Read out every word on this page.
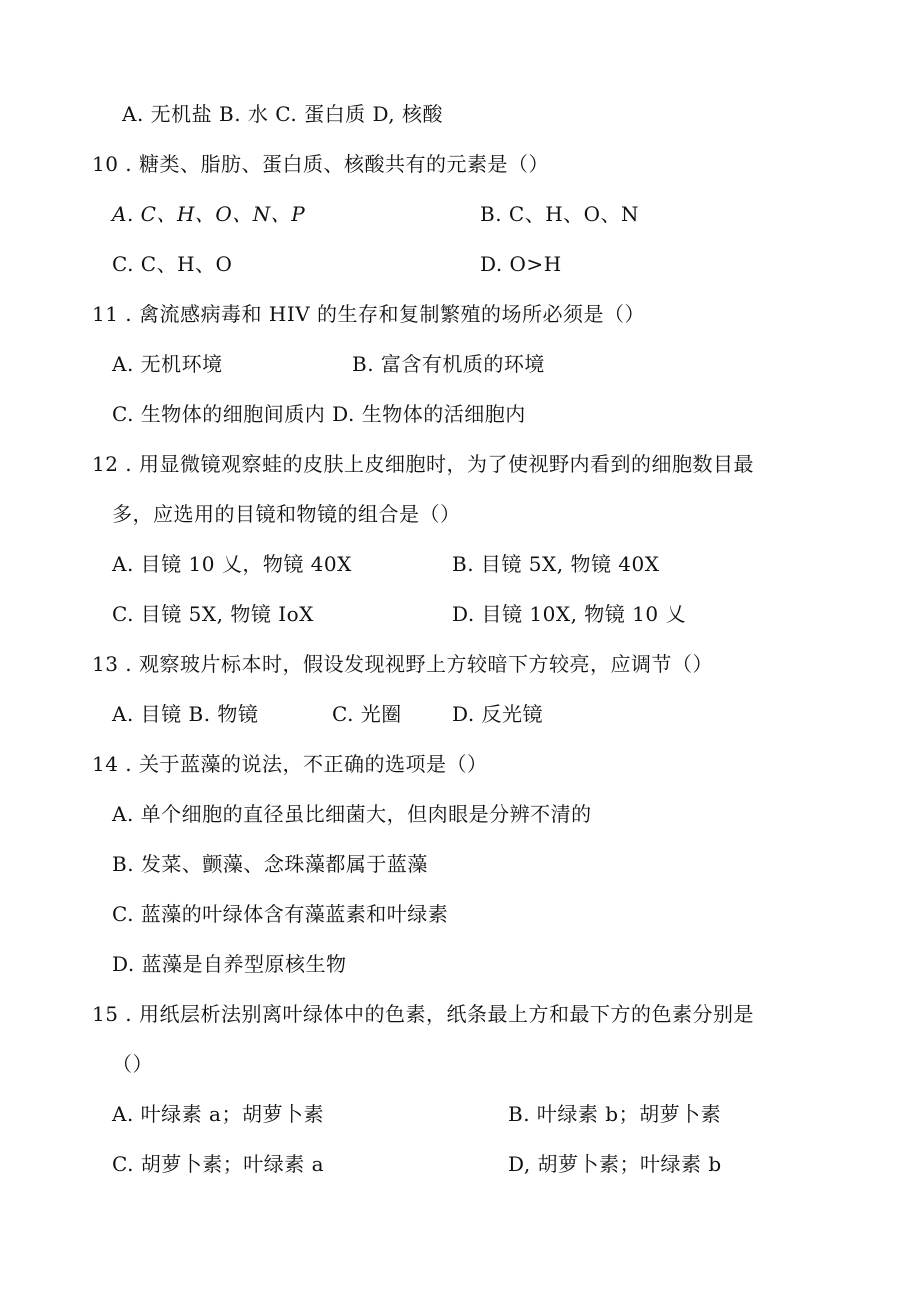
A. 无机盐 B. 水 C. 蛋白质 D, 核酸
10 . 糖类、脂肪、蛋白质、核酸共有的元素是（）
A. C、H、O、N、P	B. C、H、O、N
C. C、H、O	D. O>H
11 . 禽流感病毒和 HIV 的生存和复制繁殖的场所必须是（）
A. 无机环境	B. 富含有机质的环境
C. 生物体的细胞间质内 D. 生物体的活细胞内
12 . 用显微镜观察蛙的皮肤上皮细胞时，为了使视野内看到的细胞数目最
多，应选用的目镜和物镜的组合是（）
A. 目镜 10 乂，物镜 40X	B. 目镜 5X, 物镜 40X
C. 目镜 5X, 物镜 IoX	D. 目镜 10X, 物镜 10 乂
13 . 观察玻片标本时，假设发现视野上方较暗下方较亮，应调节（）
A. 目镜 B. 物镜	C. 光圈	D. 反光镜
14 . 关于蓝藻的说法，不正确的选项是（）
A. 单个细胞的直径虽比细菌大，但肉眼是分辨不清的
B. 发菜、颤藻、念珠藻都属于蓝藻
C. 蓝藻的叶绿体含有藻蓝素和叶绿素
D. 蓝藻是自养型原核生物
15 . 用纸层析法别离叶绿体中的色素，纸条最上方和最下方的色素分别是
（）
A. 叶绿素 a；胡萝卜素	B. 叶绿素 b；胡萝卜素
C. 胡萝卜素；叶绿素 a	D, 胡萝卜素；叶绿素 b
